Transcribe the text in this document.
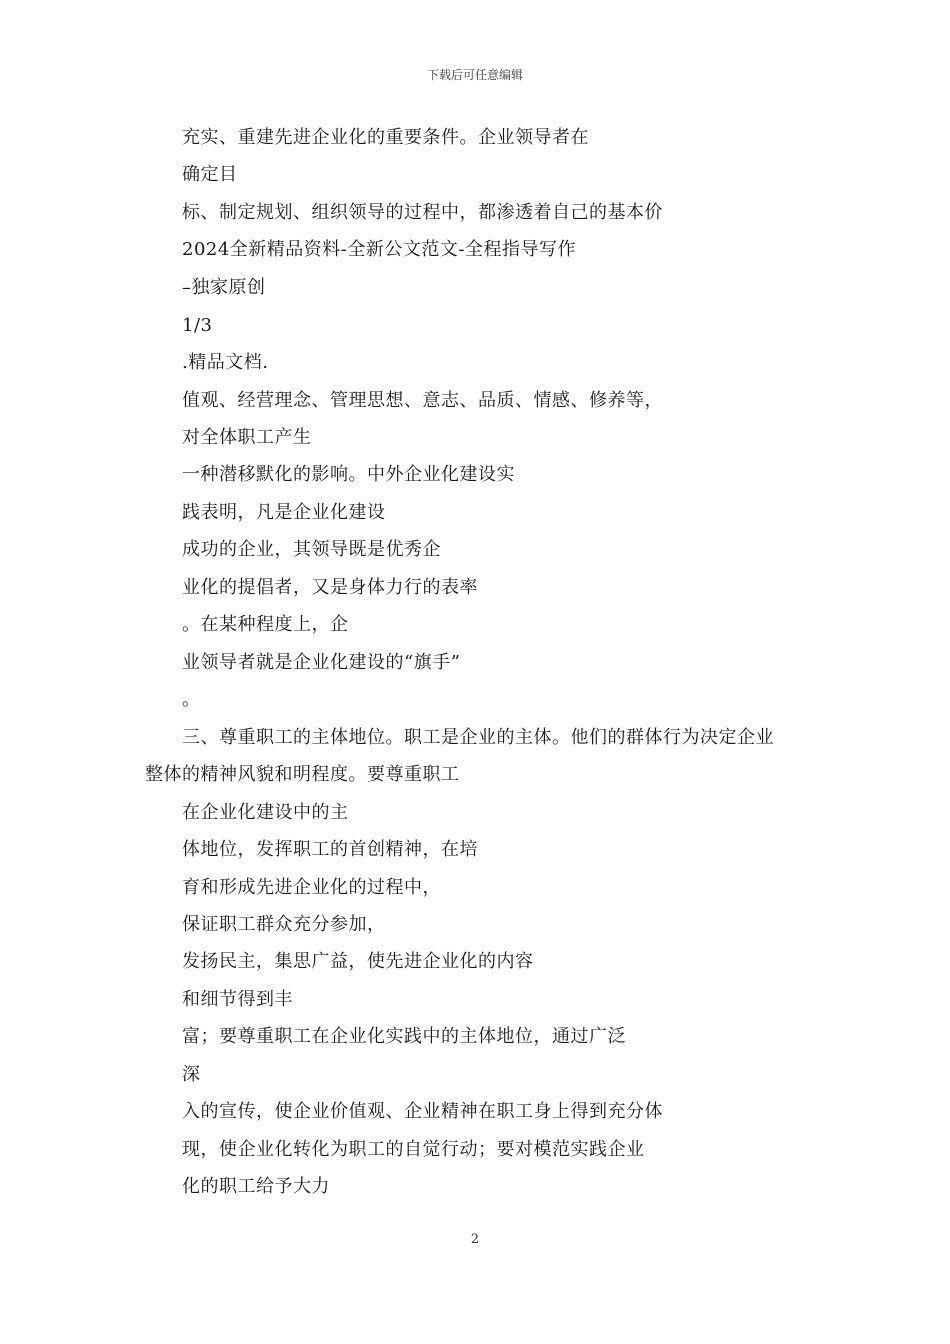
下载后可任意编辑
充实、重建先进企业化的重要条件。企业领导者在
确定目
标、制定规划、组织领导的过程中，都渗透着自己的基本价
2024全新精品资料-全新公文范文-全程指导写作
–独家原创
1/3
.精品文档.
值观、经营理念、管理思想、意志、品质、情感、修养等，
对全体职工产生
一种潜移默化的影响。中外企业化建设实
践表明，凡是企业化建设
成功的企业，其领导既是优秀企
业化的提倡者，又是身体力行的表率
。在某种程度上，企
业领导者就是企业化建设的“旗手”
。
三、尊重职工的主体地位。职工是企业的主体。他们的群体行为决定企业
整体的精神风貌和明程度。要尊重职工
在企业化建设中的主
体地位，发挥职工的首创精神，在培
育和形成先进企业化的过程中，
保证职工群众充分参加，
发扬民主，集思广益，使先进企业化的内容
和细节得到丰
富；要尊重职工在企业化实践中的主体地位，通过广泛
深
入的宣传，使企业价值观、企业精神在职工身上得到充分体
现，使企业化转化为职工的自觉行动；要对模范实践企业
化的职工给予大力
2
